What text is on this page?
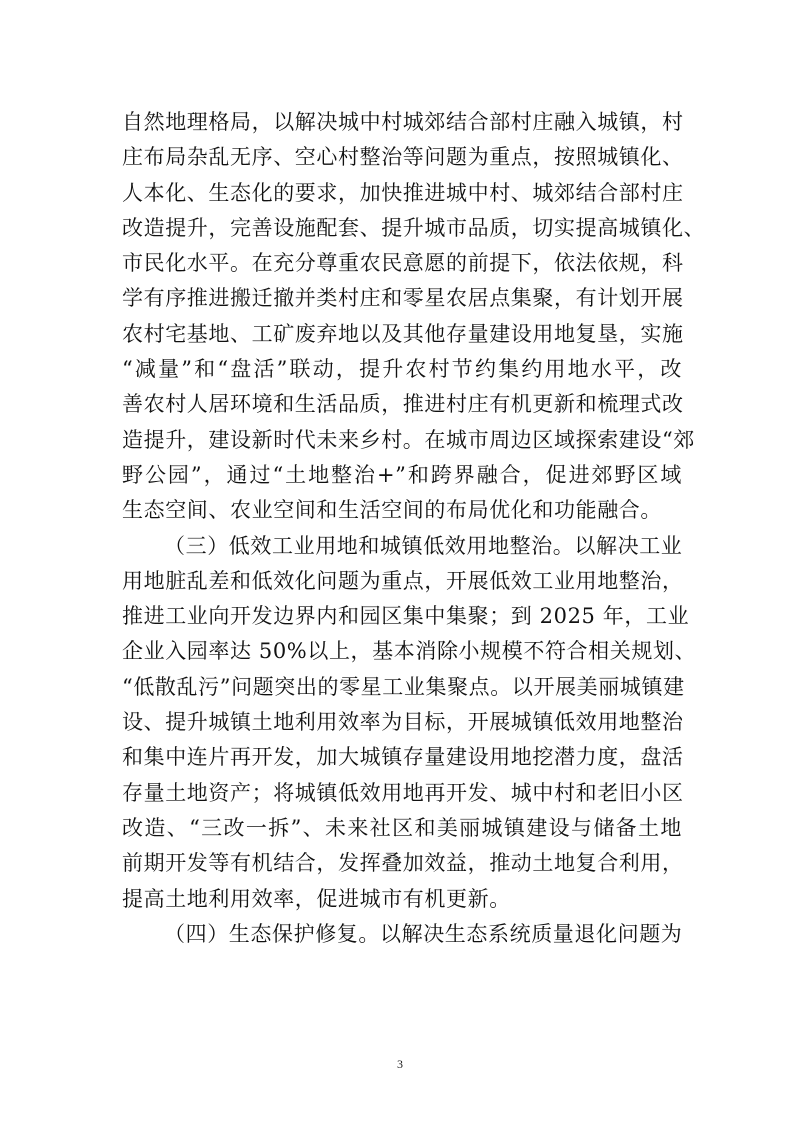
自然地理格局，以解决城中村城郊结合部村庄融入城镇，村
庄布局杂乱无序、空心村整治等问题为重点，按照城镇化、
人本化、生态化的要求，加快推进城中村、城郊结合部村庄
改造提升，完善设施配套、提升城市品质，切实提高城镇化、
市民化水平。在充分尊重农民意愿的前提下，依法依规，科
学有序推进搬迁撤并类村庄和零星农居点集聚，有计划开展
农村宅基地、工矿废弃地以及其他存量建设用地复垦，实施
“减量”和“盘活”联动，提升农村节约集约用地水平，改
善农村人居环境和生活品质，推进村庄有机更新和梳理式改
造提升，建设新时代未来乡村。在城市周边区域探索建设“郊
野公园”，通过“土地整治+”和跨界融合，促进郊野区域
生态空间、农业空间和生活空间的布局优化和功能融合。
（三）低效工业用地和城镇低效用地整治。以解决工业
用地脏乱差和低效化问题为重点，开展低效工业用地整治，
推进工业向开发边界内和园区集中集聚；到 2025 年，工业
企业入园率达 50%以上，基本消除小规模不符合相关规划、
“低散乱污”问题突出的零星工业集聚点。以开展美丽城镇建
设、提升城镇土地利用效率为目标，开展城镇低效用地整治
和集中连片再开发，加大城镇存量建设用地挖潜力度，盘活
存量土地资产；将城镇低效用地再开发、城中村和老旧小区
改造、“三改一拆”、未来社区和美丽城镇建设与储备土地
前期开发等有机结合，发挥叠加效益，推动土地复合利用，
提高土地利用效率，促进城市有机更新。
（四）生态保护修复。以解决生态系统质量退化问题为
3
